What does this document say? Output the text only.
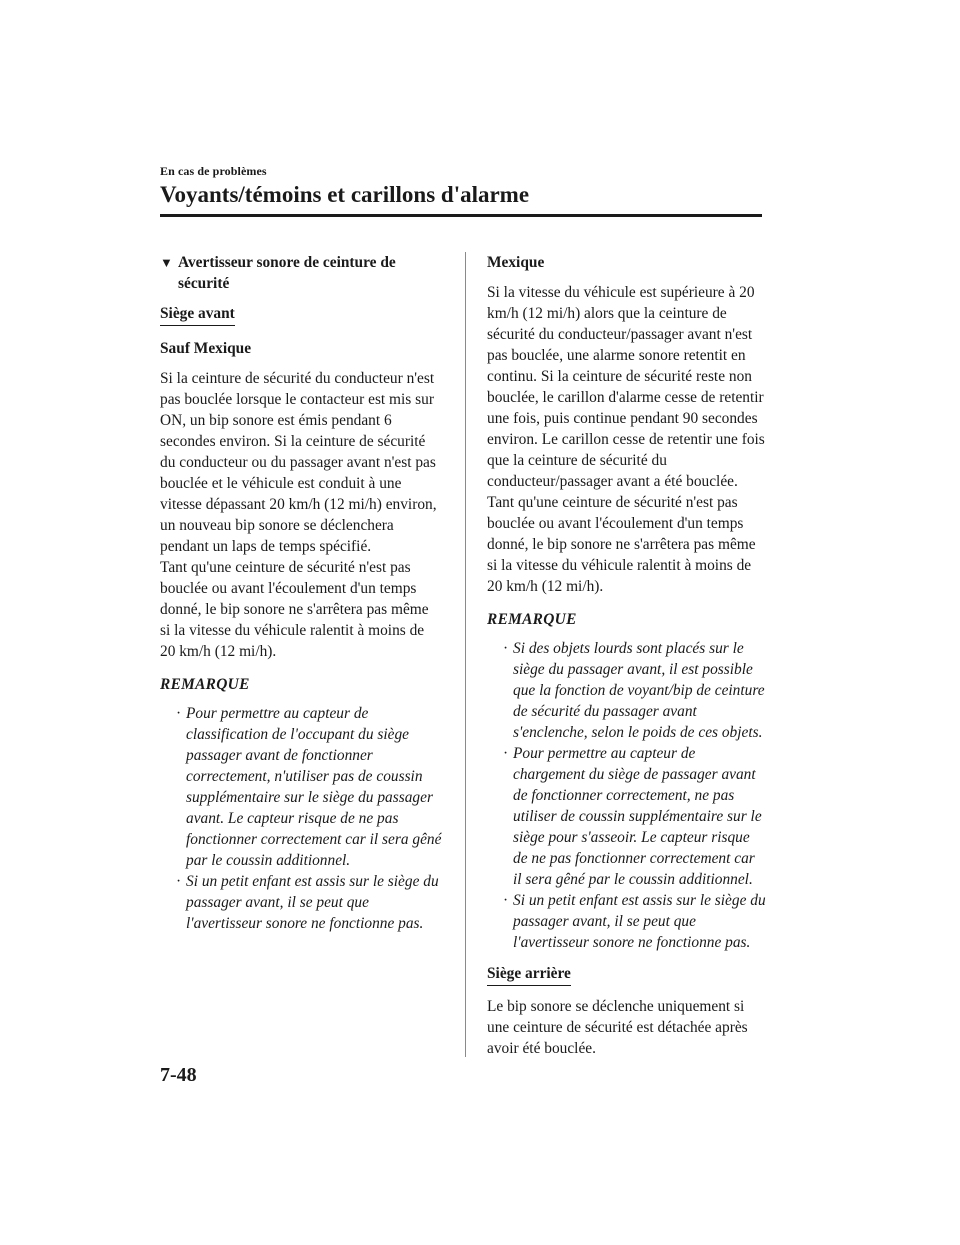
En cas de problèmes
Voyants/témoins et carillons d'alarme
▼ Avertisseur sonore de ceinture de sécurité
Siège avant
Sauf Mexique

Si la ceinture de sécurité du conducteur n'est pas bouclée lorsque le contacteur est mis sur ON, un bip sonore est émis pendant 6 secondes environ. Si la ceinture de sécurité du conducteur ou du passager avant n'est pas bouclée et le véhicule est conduit à une vitesse dépassant 20 km/h (12 mi/h) environ, un nouveau bip sonore se déclenchera pendant un laps de temps spécifié.

Tant qu'une ceinture de sécurité n'est pas bouclée ou avant l'écoulement d'un temps donné, le bip sonore ne s'arrêtera pas même si la vitesse du véhicule ralentit à moins de 20 km/h (12 mi/h).

REMARQUE
· Pour permettre au capteur de classification de l'occupant du siège passager avant de fonctionner correctement, n'utiliser pas de coussin supplémentaire sur le siège du passager avant. Le capteur risque de ne pas fonctionner correctement car il sera gêné par le coussin additionnel.
· Si un petit enfant est assis sur le siège du passager avant, il se peut que l'avertisseur sonore ne fonctionne pas.
Mexique

Si la vitesse du véhicule est supérieure à 20 km/h (12 mi/h) alors que la ceinture de sécurité du conducteur/passager avant n'est pas bouclée, une alarme sonore retentit en continu. Si la ceinture de sécurité reste non bouclée, le carillon d'alarme cesse de retentir une fois, puis continue pendant 90 secondes environ. Le carillon cesse de retentir une fois que la ceinture de sécurité du conducteur/passager avant a été bouclée.

Tant qu'une ceinture de sécurité n'est pas bouclée ou avant l'écoulement d'un temps donné, le bip sonore ne s'arrêtera pas même si la vitesse du véhicule ralentit à moins de 20 km/h (12 mi/h).

REMARQUE
· Si des objets lourds sont placés sur le siège du passager avant, il est possible que la fonction de voyant/bip de ceinture de sécurité du passager avant s'enclenche, selon le poids de ces objets.
· Pour permettre au capteur de chargement du siège de passager avant de fonctionner correctement, ne pas utiliser de coussin supplémentaire sur le siège pour s'asseoir. Le capteur risque de ne pas fonctionner correctement car il sera gêné par le coussin additionnel.
· Si un petit enfant est assis sur le siège du passager avant, il se peut que l'avertisseur sonore ne fonctionne pas.
Siège arrière

Le bip sonore se déclenche uniquement si une ceinture de sécurité est détachée après avoir été bouclée.

7-48
